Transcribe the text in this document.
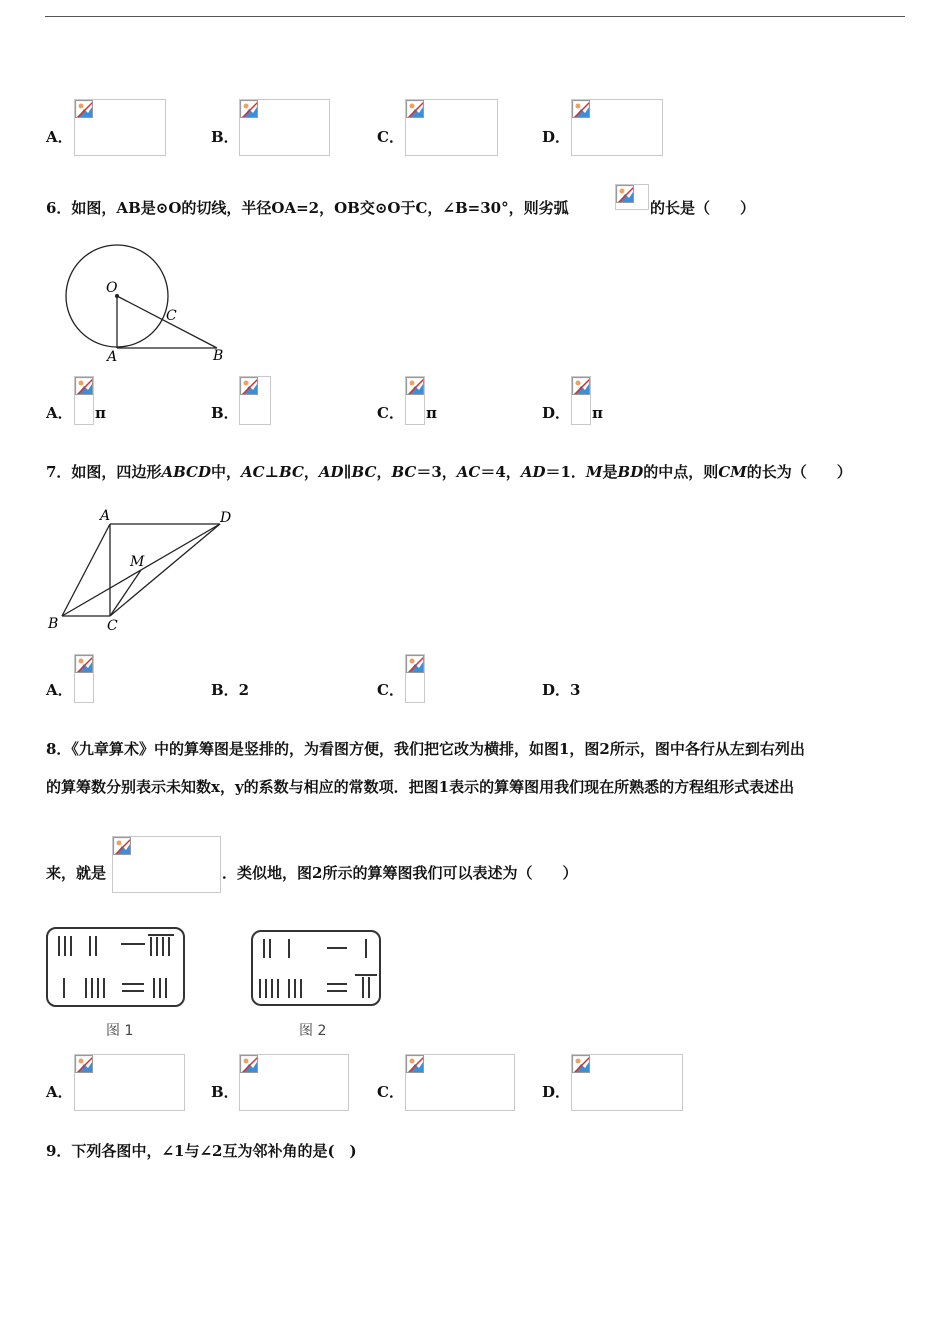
A．	B．	C．	D．
6．如图，AB是⊙O的切线，半径OA=2，OB交⊙O于C，∠B=30°，则劣弧	的长是（　　）
O
C
A	B
A． π	B．	C． π	D． π
7．如图，四边形ABCD中，AC⊥BC，AD∥BC，BC＝3，AC＝4，AD＝1．M是BD的中点，则CM的长为（　　）
A	D
M
B	C
A．	B．2	C．	D．3
8．《九章算术》中的算筹图是竖排的，为看图方便，我们把它改为横排，如图1，图2所示，图中各行从左到右列出
的算筹数分别表示未知数x，y的系数与相应的常数项．把图1表示的算筹图用我们现在所熟悉的方程组形式表述出
来，就是	．类似地，图2所示的算筹图我们可以表述为（　　）
图 1	图 2
A．	B．	C．	D．
9．下列各图中，∠1与∠2互为邻补角的是(　)
